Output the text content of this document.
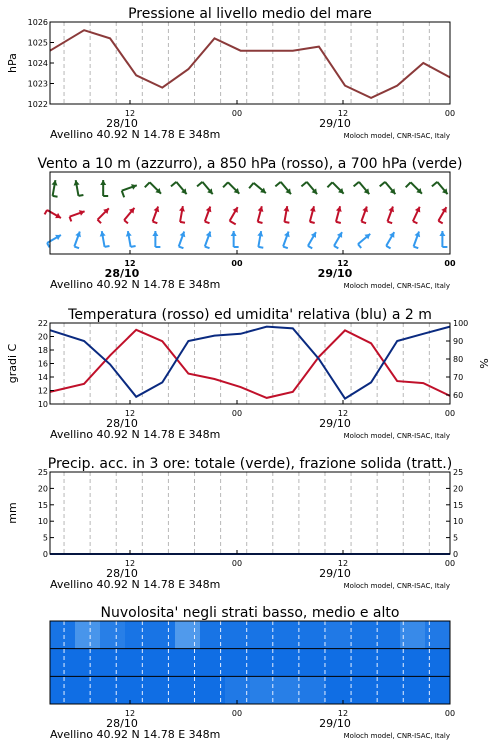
Pressione al livello medio del mare
1022
1023
1024
1025
1026
hPa
12
28/10
00	12
29/10
00
Avellino 40.92 N 14.78 E 348m	Moloch model, CNR-ISAC, Italy
Vento a 10 m (azzurro), a 850 hPa (rosso), a 700 hPa (verde)
12
28/10
00	12
29/10
00
Avellino 40.92 N 14.78 E 348m	Moloch model, CNR-ISAC, Italy
Temperatura (rosso) ed umidita' relativa (blu) a 2 m
10
12
14
16
18
20
22
60
70
80
90
100
gradi C	%
12
28/10
00	12
29/10
00
Avellino 40.92 N 14.78 E 348m	Moloch model, CNR-ISAC, Italy
Precip. acc. in 3 ore: totale (verde), frazione solida (tratt.)
0
5
10
15
20
25
0
5
10
15
20
25
mm
12
28/10
00	12
29/10
00
Avellino 40.92 N 14.78 E 348m	Moloch model, CNR-ISAC, Italy
Nuvolosita' negli strati basso, medio e alto
12
28/10
00	12
29/10
00
Avellino 40.92 N 14.78 E 348m	Moloch model, CNR-ISAC, Italy
